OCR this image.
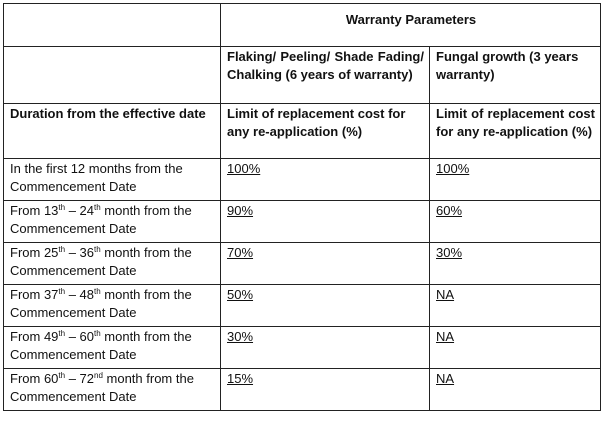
	Warranty Parameters	
	Flaking/ Peeling/ Shade Fading/ Chalking (6 years of warranty)	Fungal growth (3 years warranty)
Duration from the effective date	Limit of replacement cost for any re-application (%)	Limit of replacement cost for any re-application (%)
In the first 12 months from the
Commencement Date	100%	100%
From 13th – 24th month from the
Commencement Date	90%	60%
From 25th – 36th month from the
Commencement Date	70%	30%
From 37th – 48th month from the
Commencement Date	50%	NA
From 49th – 60th month from the
Commencement Date	30%	NA
From 60th – 72nd month from the
Commencement Date	15%	NA
